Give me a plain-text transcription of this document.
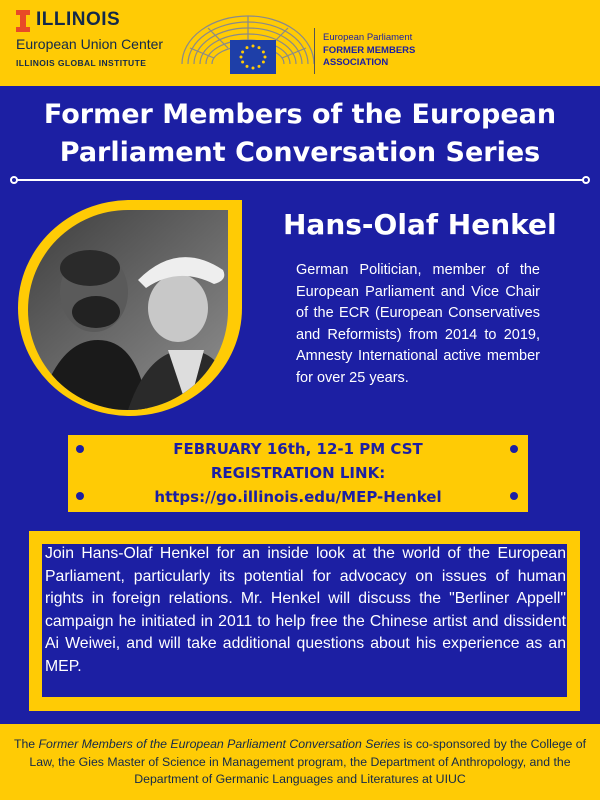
ILLINOIS
European Union Center
ILLINOIS GLOBAL INSTITUTE
European Parliament
FORMER MEMBERS
ASSOCIATION
Former Members of the European
Parliament Conversation Series
Hans-Olaf Henkel
German Politician, member of the European Parliament and Vice Chair of the ECR (European Conservatives and Reformists) from 2014 to 2019, Amnesty International active member for over 25 years.
FEBRUARY 16th, 12-1 PM CST
REGISTRATION LINK:
https://go.illinois.edu/MEP-Henkel
Join Hans-Olaf Henkel for an inside look at the world of the European Parliament, particularly its potential for advocacy on issues of human rights in foreign relations. Mr. Henkel will discuss the "Berliner Appell" campaign he initiated in 2011 to help free the Chinese artist and dissident Ai Weiwei, and will take additional questions about his experience as an MEP.
The Former Members of the European Parliament Conversation Series is co-sponsored by the College of Law, the Gies Master of Science in Management program, the Department of Anthropology, and the Department of Germanic Languages and Literatures at UIUC
